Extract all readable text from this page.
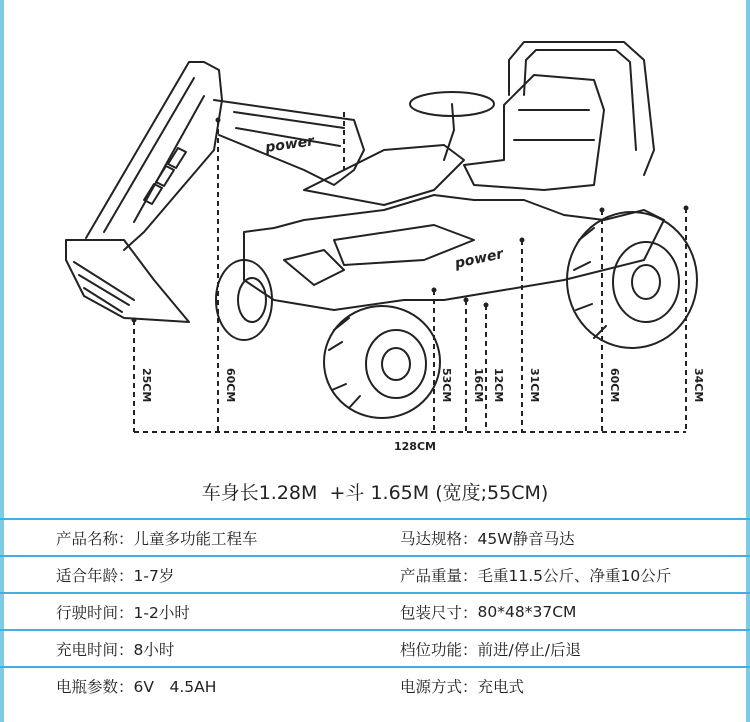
power
power
25CM	60CM	53CM 16CM 12CM 31CM	60CM	34CM
128CM
车身长1.28M +斗 1.65M (宽度;55CM)
产品名称 ： 儿童多功能工程车	马达规格 ： 45W静音马达
适合年龄 ： 1-7岁	产品重量 ： 毛重11.5公斤、净重10公斤
行驶时间 ： 1-2小时	包装尺寸 ： 80*48*37CM
充电时间 ： 8小时	档位功能 ： 前进/停止/后退
电瓶参数 ： 6V　4.5AH	电源方式 ： 充电式
